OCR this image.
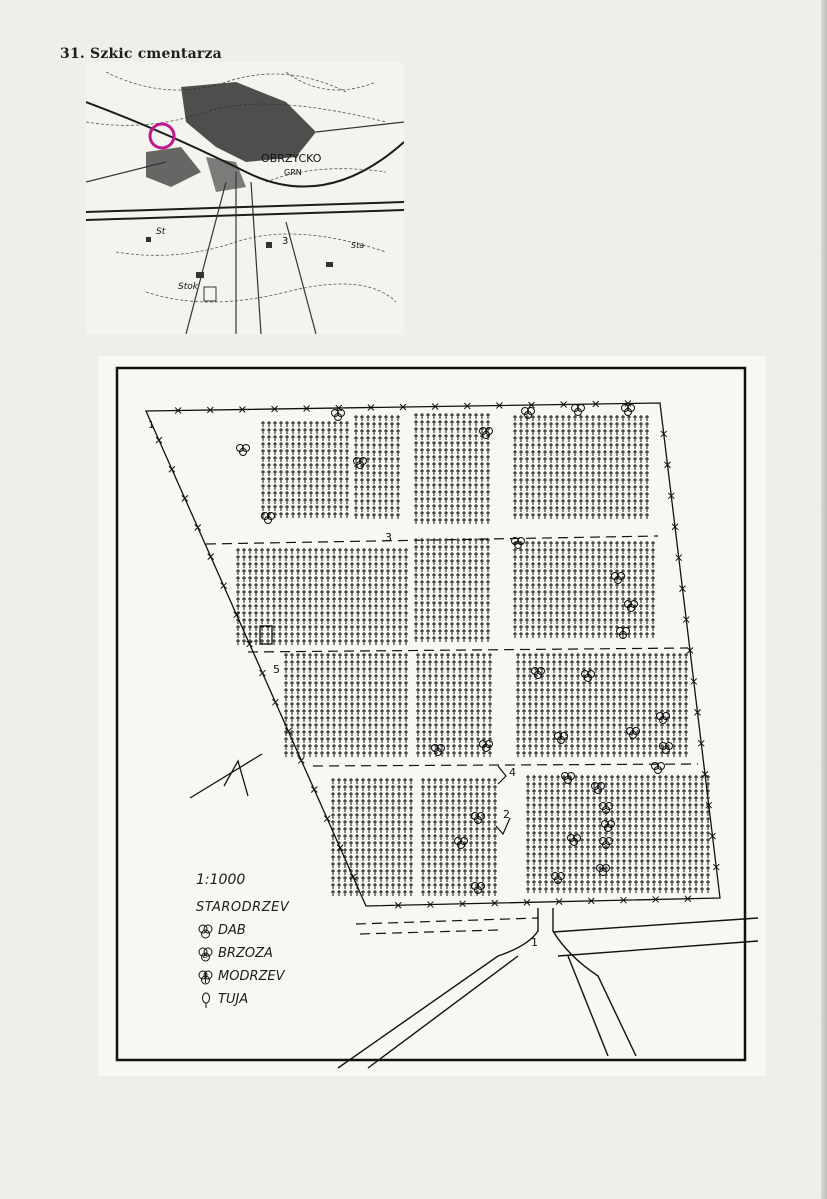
31. Szkic cmentarza
OBRZYCKO
GRN
St
Stok
Sta
3
3
5
4
2
1
1
1:1000
STARODRZEV
DAB
B BRZOZA
MODRZEV
TUJA
